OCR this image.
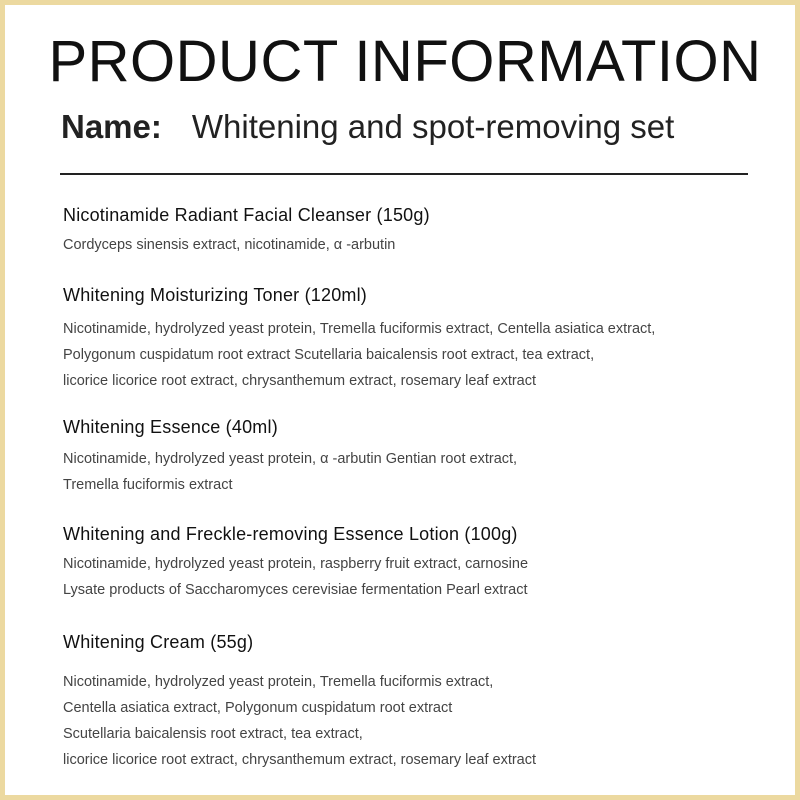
PRODUCT INFORMATION
Name: Whitening and spot-removing set
Nicotinamide Radiant Facial Cleanser (150g)
Cordyceps sinensis extract, nicotinamide, α -arbutin
Whitening Moisturizing Toner (120ml)
Nicotinamide, hydrolyzed yeast protein, Tremella fuciformis extract, Centella asiatica extract,
Polygonum cuspidatum root extract Scutellaria baicalensis root extract, tea extract,
licorice licorice root extract, chrysanthemum extract, rosemary leaf extract
Whitening Essence (40ml)
Nicotinamide, hydrolyzed yeast protein, α -arbutin Gentian root extract,
Tremella fuciformis extract
Whitening and Freckle-removing Essence Lotion (100g)
Nicotinamide, hydrolyzed yeast protein, raspberry fruit extract, carnosine
Lysate products of Saccharomyces cerevisiae fermentation Pearl extract
Whitening Cream (55g)
Nicotinamide, hydrolyzed yeast protein, Tremella fuciformis extract,
Centella asiatica extract, Polygonum cuspidatum root extract
Scutellaria baicalensis root extract, tea extract,
licorice licorice root extract, chrysanthemum extract, rosemary leaf extract
